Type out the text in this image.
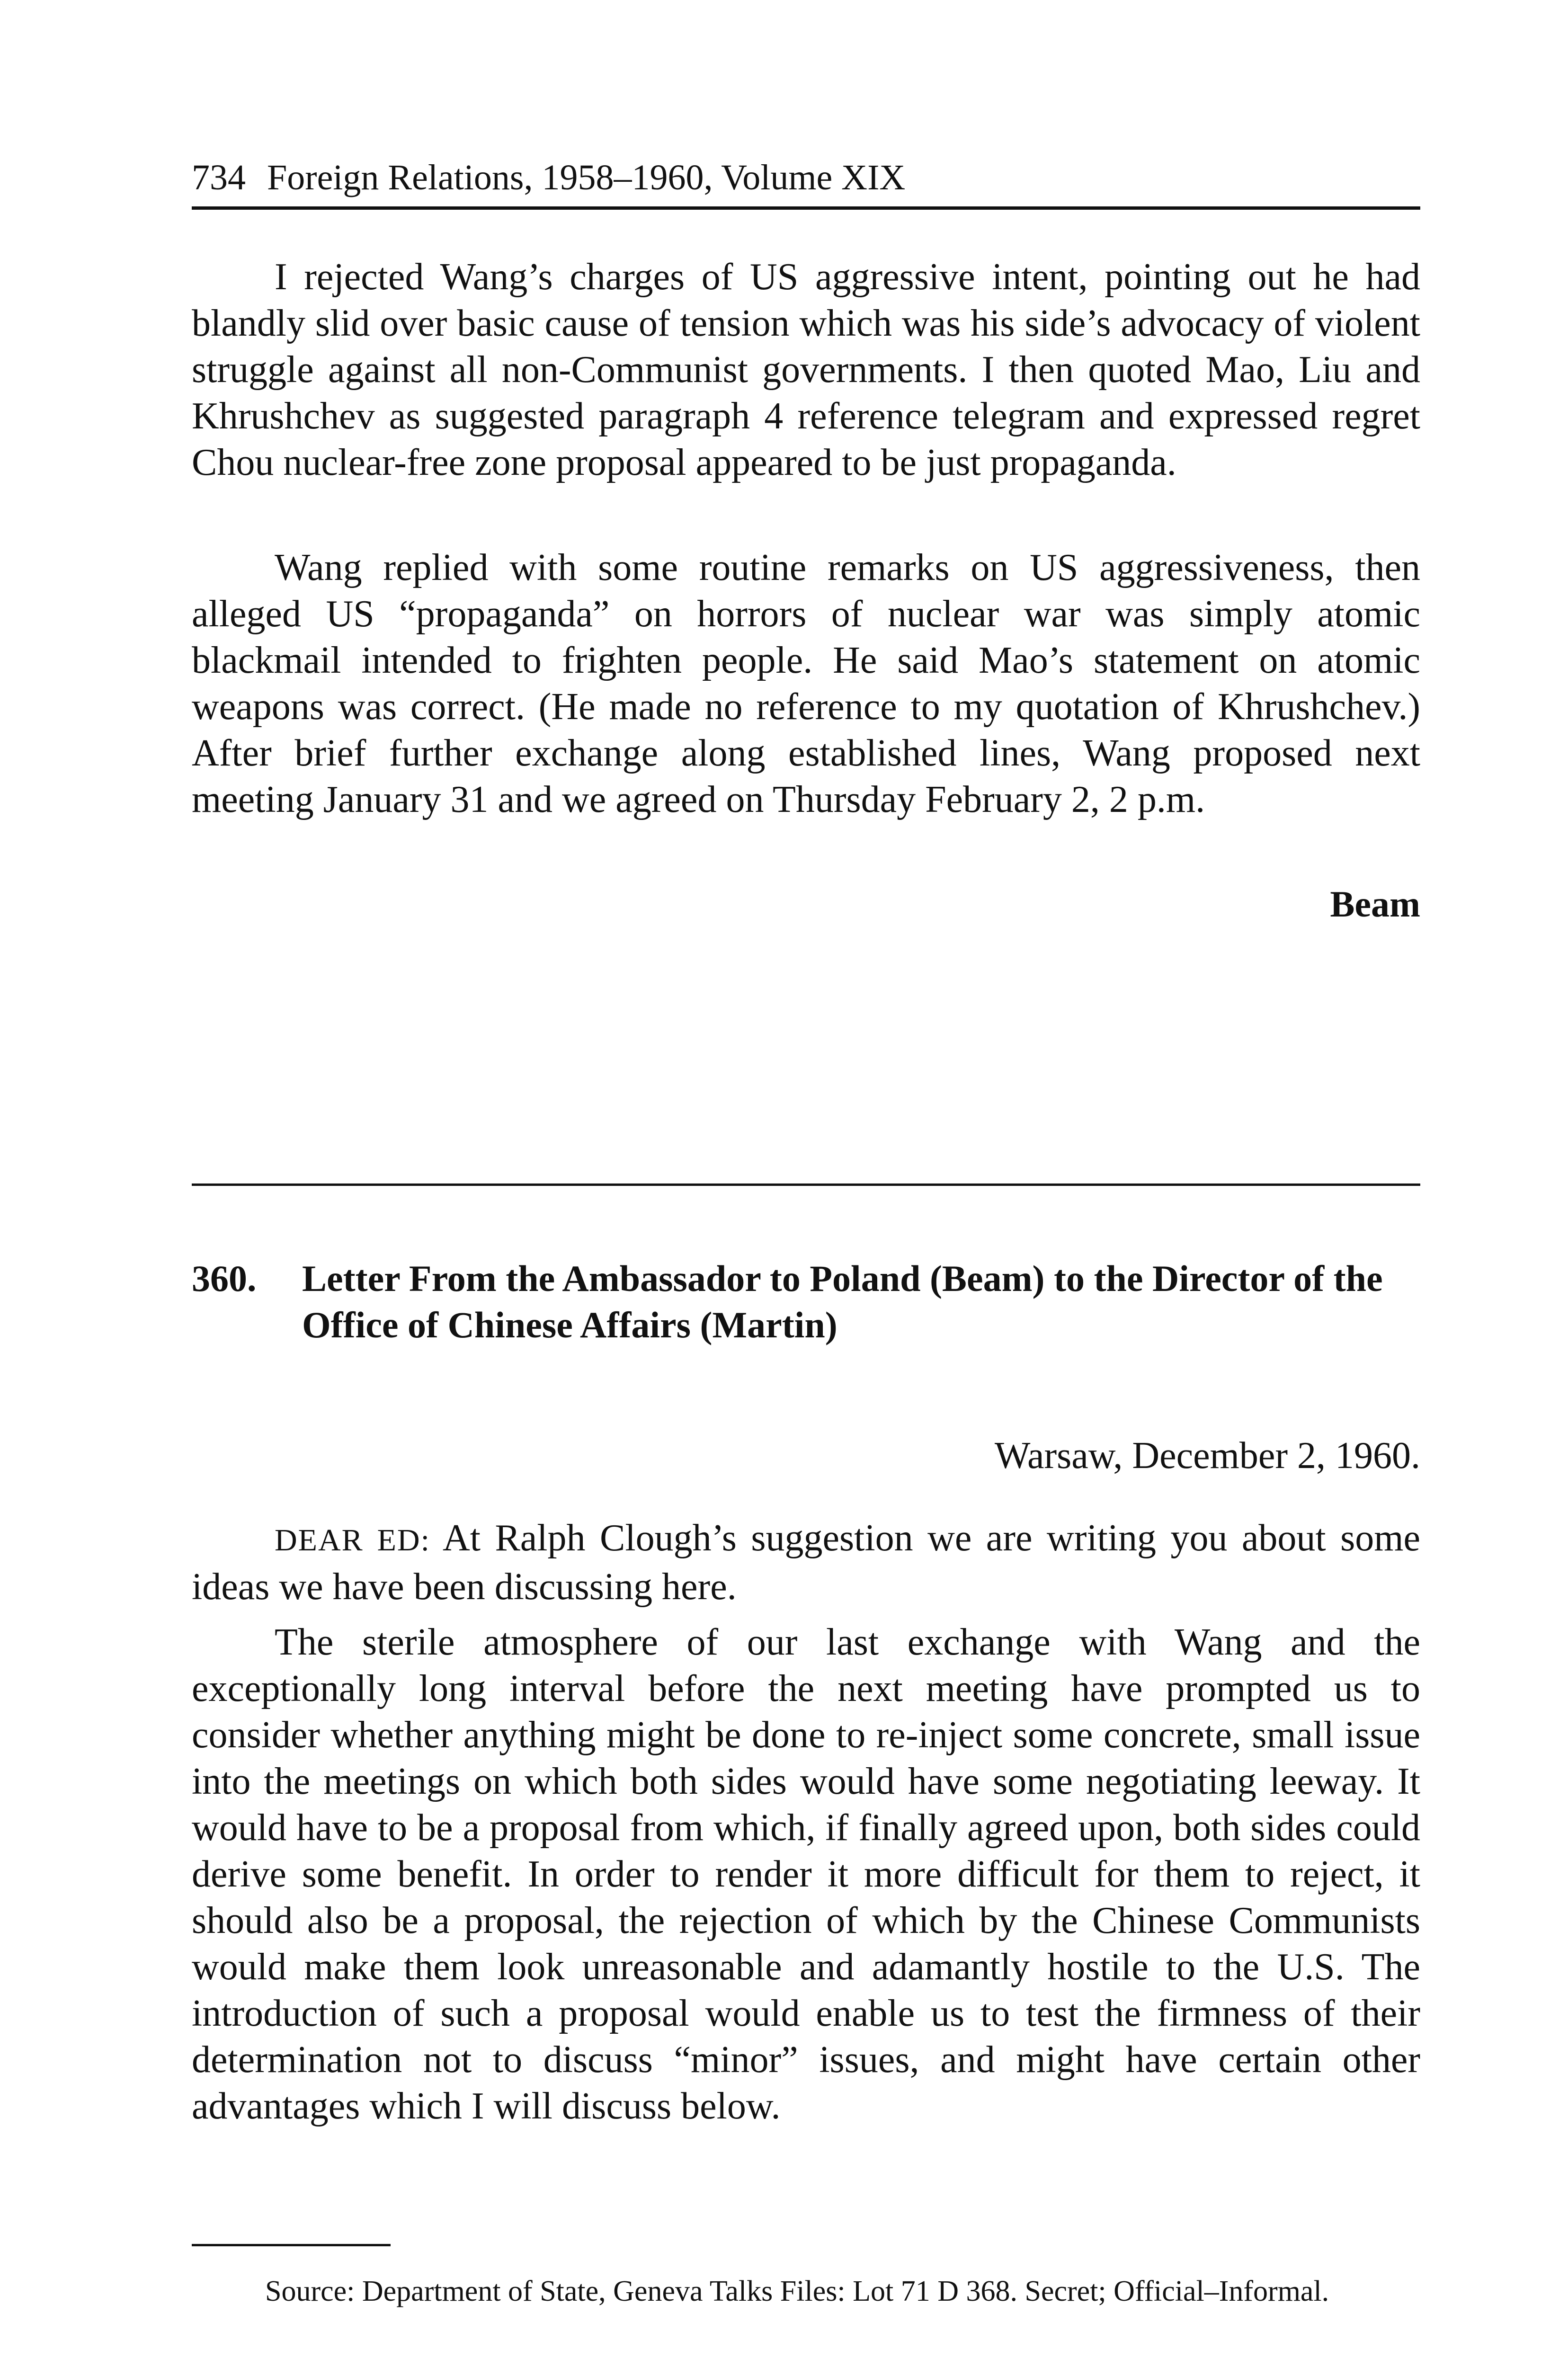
734 Foreign Relations, 1958–1960, Volume XIX

I rejected Wang’s charges of US aggressive intent, pointing out he had blandly slid over basic cause of tension which was his side’s advocacy of violent struggle against all non-Communist governments. I then quoted Mao, Liu and Khrushchev as suggested paragraph 4 reference telegram and expressed regret Chou nuclear-free zone proposal appeared to be just propaganda.

Wang replied with some routine remarks on US aggressiveness, then alleged US “propaganda” on horrors of nuclear war was simply atomic blackmail intended to frighten people. He said Mao’s statement on atomic weapons was correct. (He made no reference to my quotation of Khrushchev.) After brief further exchange along established lines, Wang proposed next meeting January 31 and we agreed on Thursday February 2, 2 p.m.

Beam
360. Letter From the Ambassador to Poland (Beam) to the Director of the Office of Chinese Affairs (Martin)
Warsaw, December 2, 1960.

DEAR ED: At Ralph Clough’s suggestion we are writing you about some ideas we have been discussing here.

The sterile atmosphere of our last exchange with Wang and the exceptionally long interval before the next meeting have prompted us to consider whether anything might be done to re-inject some concrete, small issue into the meetings on which both sides would have some negotiating leeway. It would have to be a proposal from which, if finally agreed upon, both sides could derive some benefit. In order to render it more difficult for them to reject, it should also be a proposal, the rejection of which by the Chinese Communists would make them look unreasonable and adamantly hostile to the U.S. The introduction of such a proposal would enable us to test the firmness of their determination not to discuss “minor” issues, and might have certain other advantages which I will discuss below.

Source: Department of State, Geneva Talks Files: Lot 71 D 368. Secret; Official–Informal.
